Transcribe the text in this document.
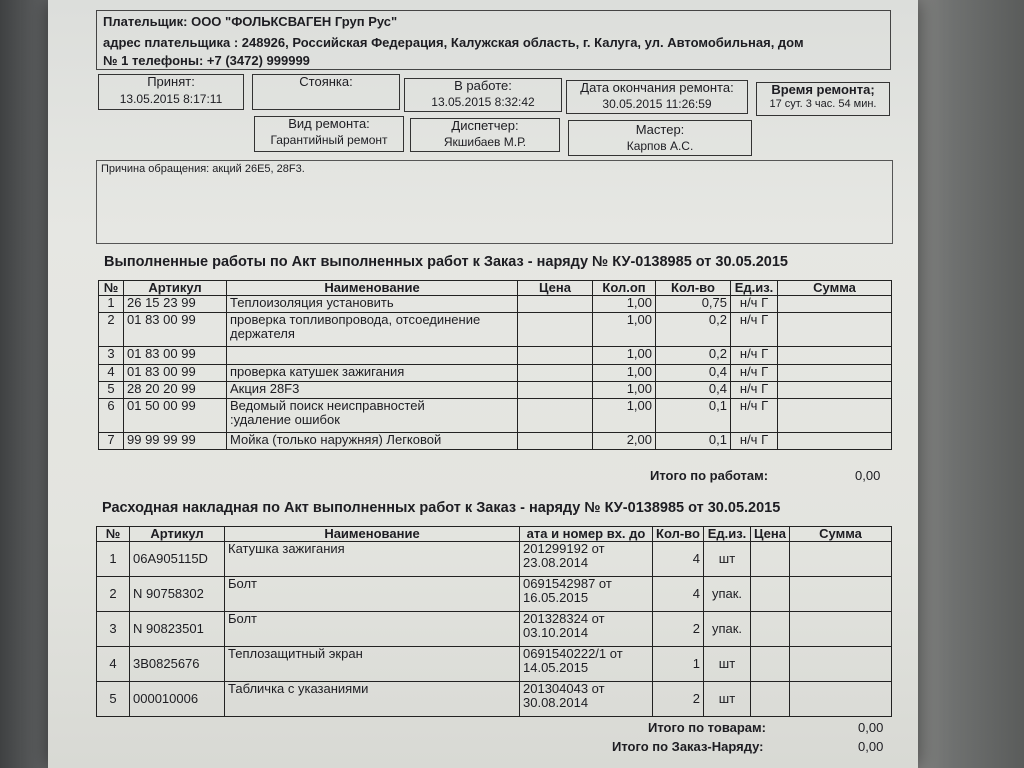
Плательщик: ООО "ФОЛЬКСВАГЕН Груп Рус"
адрес плательщика : 248926, Российская Федерация, Калужская область, г. Калуга, ул. Автомобильная, дом
№ 1 телефоны: +7 (3472) 999999
Принят:
13.05.2015 8:17:11
Стоянка:	В работе:
13.05.2015 8:32:42
Дата окончания ремонта:
30.05.2015 11:26:59
Время ремонта;
17 сут. 3 час. 54 мин.
Вид ремонта:
Гарантийный ремонт
Диспетчер:
Якшибаев М.Р.
Мастер:
Карпов А.С.
Причина обращения: акций 26Е5, 28F3.
Выполненные работы по Акт выполненных работ к Заказ - наряду № КУ-0138985 от 30.05.2015
№	Артикул	Наименование	Цена	Кол.оп	Кол-во	Ед.из.	Сумма
1	26 15 23 99	Теплоизоляция установить		1,00	0,75	н/ч Г	
2	01 83 00 99	проверка топливопровода, отсоединение
держателя		1,00	0,2	н/ч Г	
3	01 83 00 99			1,00	0,2	н/ч Г	
4	01 83 00 99	проверка катушек зажигания		1,00	0,4	н/ч Г	
5	28 20 20 99	Акция 28F3		1,00	0,4	н/ч Г	
6	01 50 00 99	Ведомый поиск неисправностей
:удаление ошибок		1,00	0,1	н/ч Г	
7	99 99 99 99	Мойка (только наружняя) Легковой		2,00	0,1	н/ч Г	
Итого по работам:	0,00
Расходная накладная по Акт выполненных работ к Заказ - наряду № КУ-0138985 от 30.05.2015
№	Артикул	Наименование	ата и номер вх. до	Кол-во	Ед.из.	Цена	Сумма
1	06A905115D	Катушка зажигания	201299192 от
23.08.2014	4	шт		
2	N 90758302	Болт	0691542987 от
16.05.2015	4	упак.		
3	N 90823501	Болт	201328324 от
03.10.2014	2	упак.		
4	3B0825676	Теплозащитный экран	0691540222/1 от
14.05.2015	1	шт		
5	000010006	Табличка с указаниями	201304043 от
30.08.2014	2	шт		
Итого по товарам:	0,00
Итого по Заказ-Наряду:	0,00
